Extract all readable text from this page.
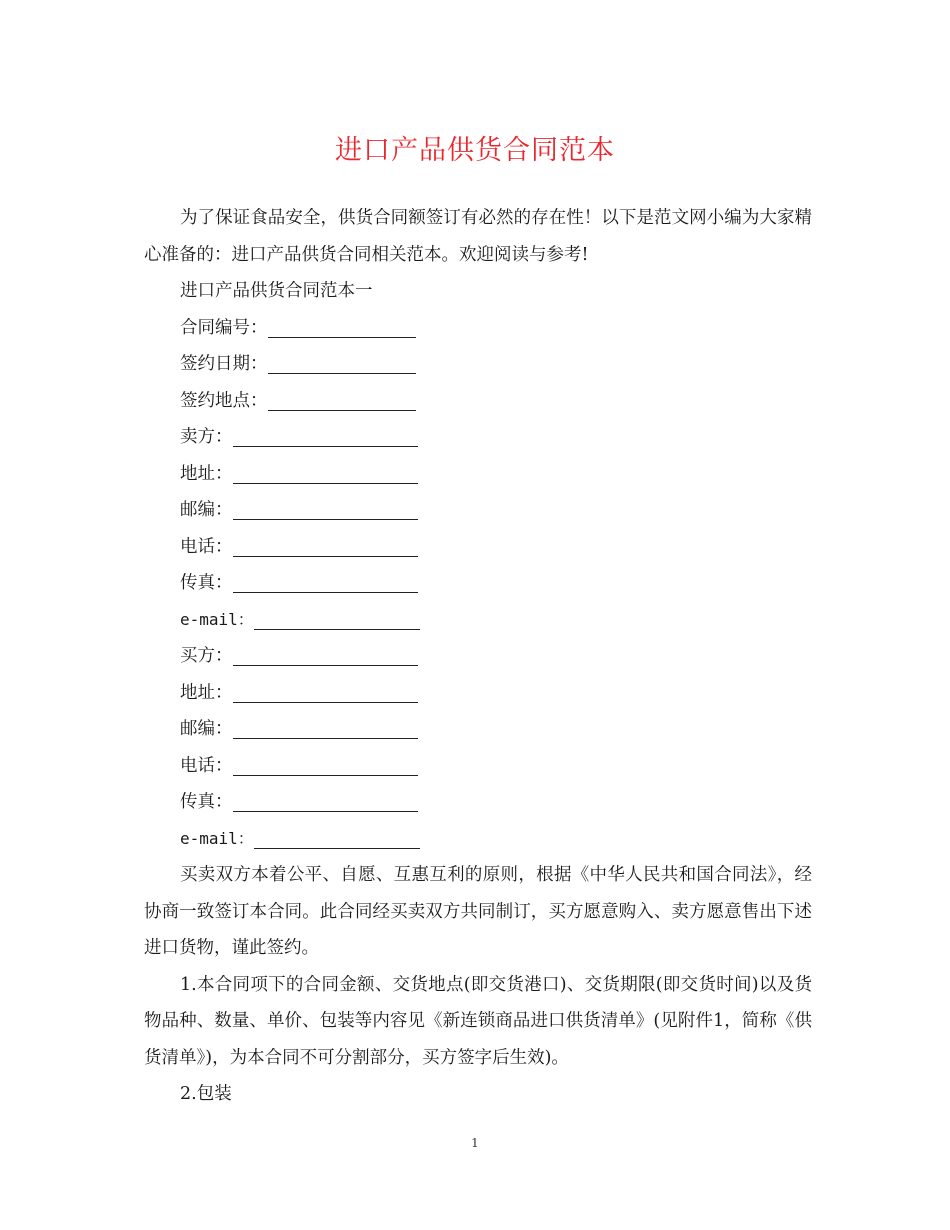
进口产品供货合同范本

为了保证食品安全，供货合同额签订有必然的存在性！以下是范文网小编为大家精心准备的：进口产品供货合同相关范本。欢迎阅读与参考!

进口产品供货合同范本一

合同编号：

签约日期：

签约地点：

卖方：

地址：

邮编：

电话：

传真：

e-mail：

买方：

地址：

邮编：

电话：

传真：

e-mail：

买卖双方本着公平、自愿、互惠互利的原则，根据《中华人民共和国合同法》，经协商一致签订本合同。此合同经买卖双方共同制订，买方愿意购入、卖方愿意售出下述进口货物，谨此签约。

1.本合同项下的合同金额、交货地点(即交货港口)、交货期限(即交货时间)以及货物品种、数量、单价、包装等内容见《新连锁商品进口供货清单》(见附件1，简称《供货清单》)，为本合同不可分割部分，买方签字后生效)。

2.包装

1
